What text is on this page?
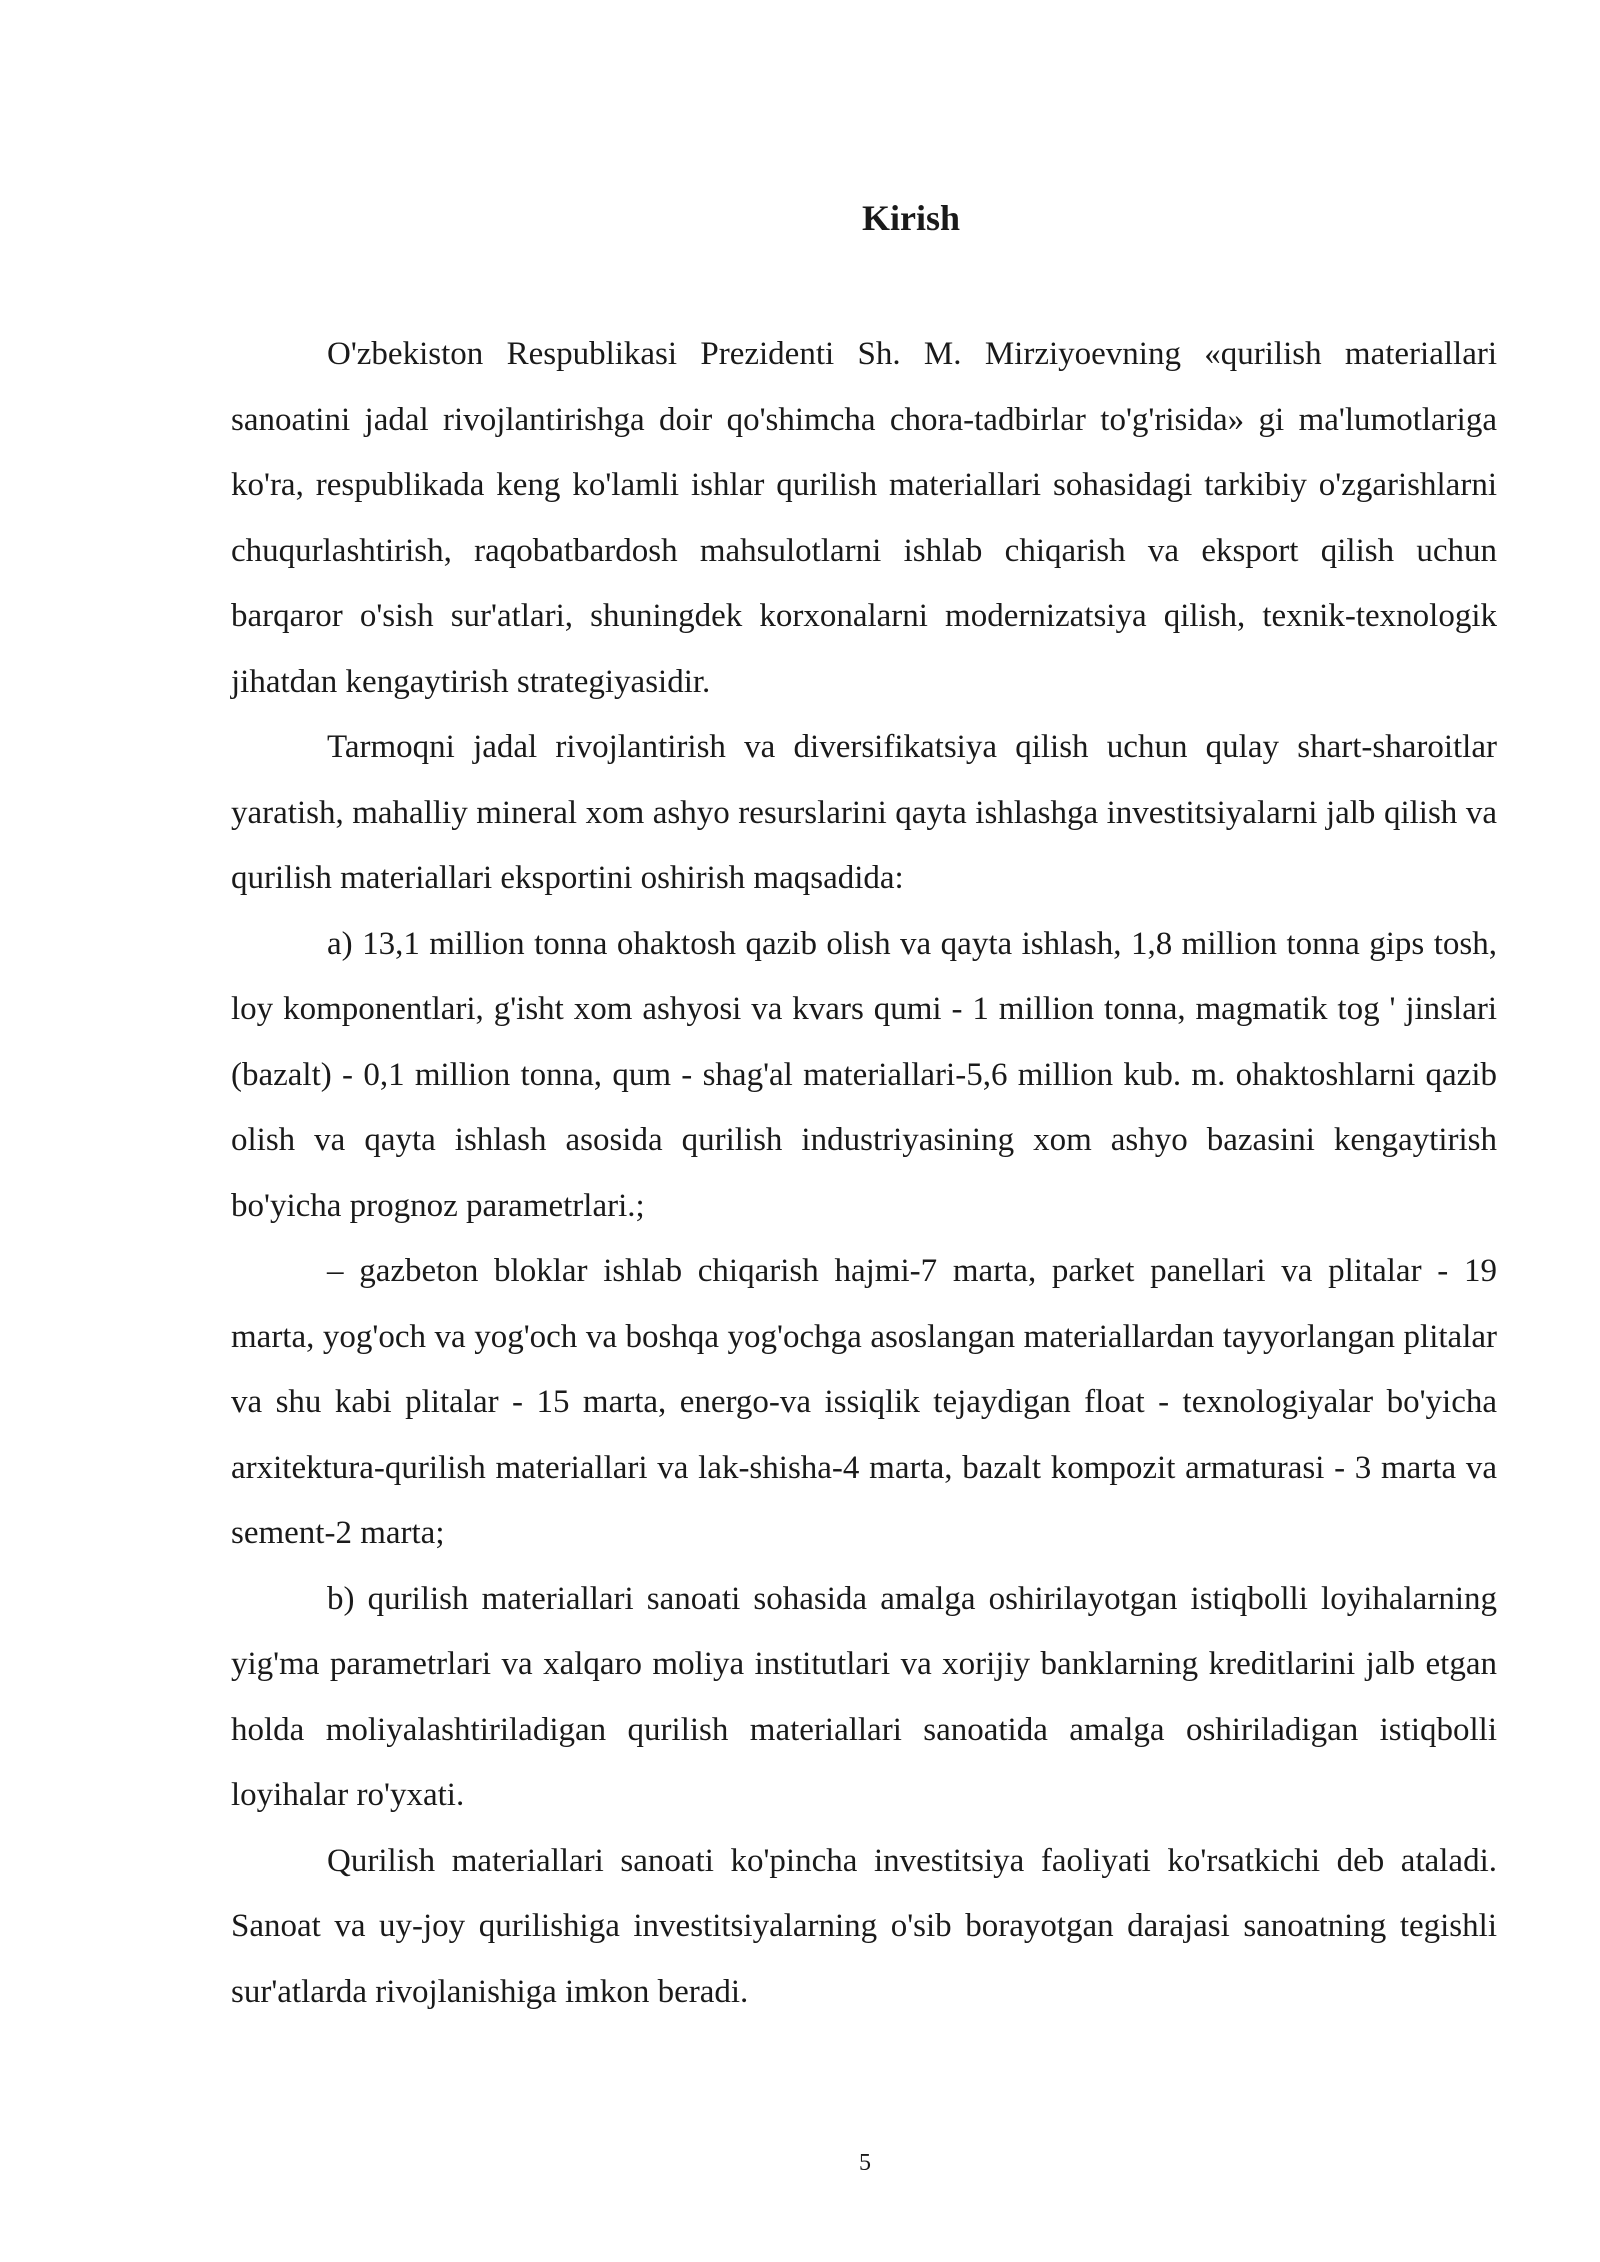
Kirish

O'zbekiston Respublikasi Prezidenti Sh. M. Mirziyoevning «qurilish materiallari sanoatini jadal rivojlantirishga doir qo'shimcha chora-tadbirlar to'g'risida» gi ma'lumotlariga ko'ra, respublikada keng ko'lamli ishlar qurilish materiallari sohasidagi tarkibiy o'zgarishlarni chuqurlashtirish, raqobatbardosh mahsulotlarni ishlab chiqarish va eksport qilish uchun barqaror o'sish sur'atlari, shuningdek korxonalarni modernizatsiya qilish, texnik-texnologik jihatdan kengaytirish strategiyasidir.

Tarmoqni jadal rivojlantirish va diversifikatsiya qilish uchun qulay shart-sharoitlar yaratish, mahalliy mineral xom ashyo resurslarini qayta ishlashga investitsiyalarni jalb qilish va qurilish materiallari eksportini oshirish maqsadida:

a) 13,1 million tonna ohaktosh qazib olish va qayta ishlash, 1,8 million tonna gips tosh, loy komponentlari, g'isht xom ashyosi va kvars qumi - 1 million tonna, magmatik tog ' jinslari (bazalt) - 0,1 million tonna, qum - shag'al materiallari-5,6 million kub. m. ohaktoshlarni qazib olish va qayta ishlash asosida qurilish industriyasining xom ashyo bazasini kengaytirish bo'yicha prognoz parametrlari.;

– gazbeton bloklar ishlab chiqarish hajmi-7 marta, parket panellari va plitalar - 19 marta, yog'och va yog'och va boshqa yog'ochga asoslangan materiallardan tayyorlangan plitalar va shu kabi plitalar - 15 marta, energo-va issiqlik tejaydigan float - texnologiyalar bo'yicha arxitektura-qurilish materiallari va lak-shisha-4 marta, bazalt kompozit armaturasi - 3 marta va sement-2 marta;

b) qurilish materiallari sanoati sohasida amalga oshirilayotgan istiqbolli loyihalarning yig'ma parametrlari va xalqaro moliya institutlari va xorijiy banklarning kreditlarini jalb etgan holda moliyalashtiriladigan qurilish materiallari sanoatida amalga oshiriladigan istiqbolli loyihalar ro'yxati.

Qurilish materiallari sanoati ko'pincha investitsiya faoliyati ko'rsatkichi deb ataladi. Sanoat va uy-joy qurilishiga investitsiyalarning o'sib borayotgan darajasi sanoatning tegishli sur'atlarda rivojlanishiga imkon beradi.

5
